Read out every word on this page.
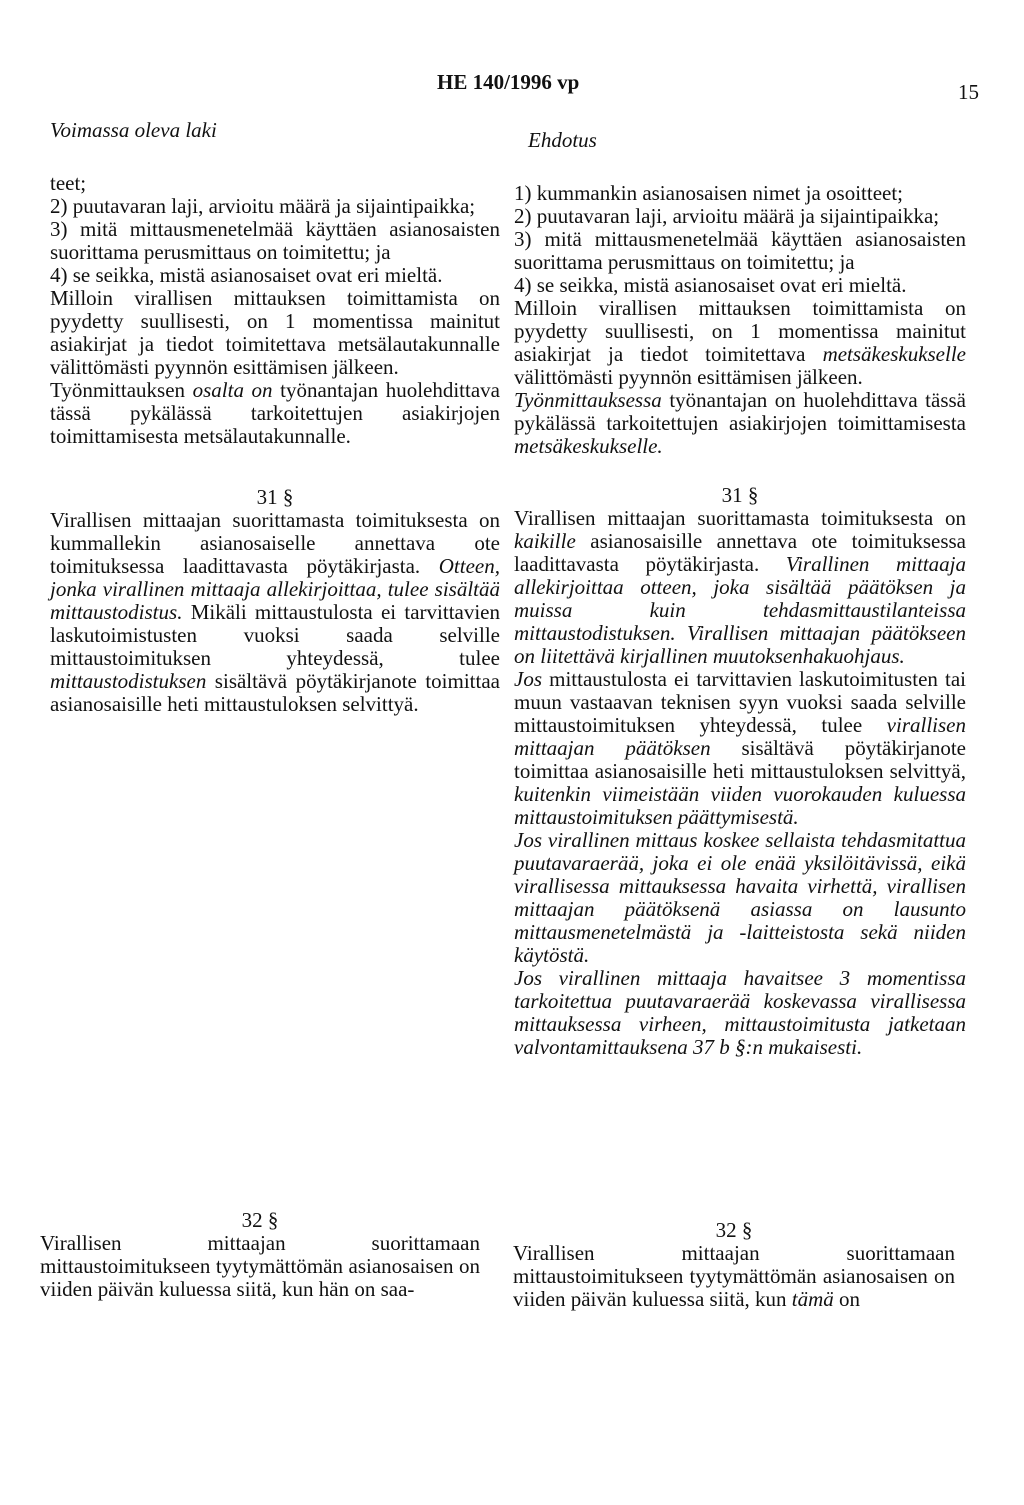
HE 140/1996 vp	15
Voimassa oleva laki	Ehdotus

teet;

2) puutavaran laji, arvioitu määrä ja sijaintipaikka;

3) mitä mittausmenetelmää käyttäen asianosaisten suorittama perusmittaus on toimitettu; ja

4) se seikka, mistä asianosaiset ovat eri mieltä.

Milloin virallisen mittauksen toimittamista on pyydetty suullisesti, on 1 momentissa mainitut asiakirjat ja tiedot toimitettava metsälautakunnalle välittömästi pyynnön esittämisen jälkeen.

Työnmittauksen osalta on työnantajan huolehdittava tässä pykälässä tarkoitettujen asiakirjojen toimittamisesta metsälautakunnalle.

31 §

Virallisen mittaajan suorittamasta toimituksesta on kummallekin asianosaiselle annettava ote toimituksessa laadittavasta pöytäkirjasta. Otteen, jonka virallinen mittaaja allekirjoittaa, tulee sisältää mittaustodistus. Mikäli mittaustulosta ei tarvittavien laskutoimistusten vuoksi saada selville mittaustoimituksen yhteydessä, tulee mittaustodistuksen sisältävä pöytäkirjanote toimittaa asianosaisille heti mittaustuloksen selvittyä.

1) kummankin asianosaisen nimet ja osoitteet;

2) puutavaran laji, arvioitu määrä ja sijaintipaikka;

3) mitä mittausmenetelmää käyttäen asianosaisten suorittama perusmittaus on toimitettu; ja

4) se seikka, mistä asianosaiset ovat eri mieltä.

Milloin virallisen mittauksen toimittamista on pyydetty suullisesti, on 1 momentissa mainitut asiakirjat ja tiedot toimitettava metsäkeskukselle välittömästi pyynnön esittämisen jälkeen.

Työnmittauksessa työnantajan on huolehdittava tässä pykälässä tarkoitettujen asiakirjojen toimittamisesta metsäkeskukselle.

31 §

Virallisen mittaajan suorittamasta toimituksesta on kaikille asianosaisille annettava ote toimituksessa laadittavasta pöytäkirjasta. Virallinen mittaaja allekirjoittaa otteen, joka sisältää päätöksen ja muissa kuin tehdasmittaustilanteissa mittaustodistuksen. Virallisen mittaajan päätökseen on liitettävä kirjallinen muutoksenhakuohjaus.

Jos mittaustulosta ei tarvittavien laskutoimitusten tai muun vastaavan teknisen syyn vuoksi saada selville mittaustoimituksen yhteydessä, tulee virallisen mittaajan päätöksen sisältävä pöytäkirjanote toimittaa asianosaisille heti mittaustuloksen selvittyä, kuitenkin viimeistään viiden vuorokauden kuluessa mittaustoimituksen päättymisestä.

Jos virallinen mittaus koskee sellaista tehdasmitattua puutavaraerää, joka ei ole enää yksilöitävissä, eikä virallisessa mittauksessa havaita virhettä, virallisen mittaajan päätöksenä asiassa on lausunto mittausmenetelmästä ja -laitteistosta sekä niiden käytöstä.

Jos virallinen mittaaja havaitsee 3 momentissa tarkoitettua puutavaraerää koskevassa virallisessa mittauksessa virheen, mittaustoimitusta jatketaan valvontamittauksena 37 b §:n mukaisesti.

32 §

Virallisen mittaajan suorittamaan mittaustoimitukseen tyytymättömän asianosaisen on viiden päivän kuluessa siitä, kun hän on saa-

32 §

Virallisen mittaajan suorittamaan mittaustoimitukseen tyytymättömän asianosaisen on viiden päivän kuluessa siitä, kun tämä on
